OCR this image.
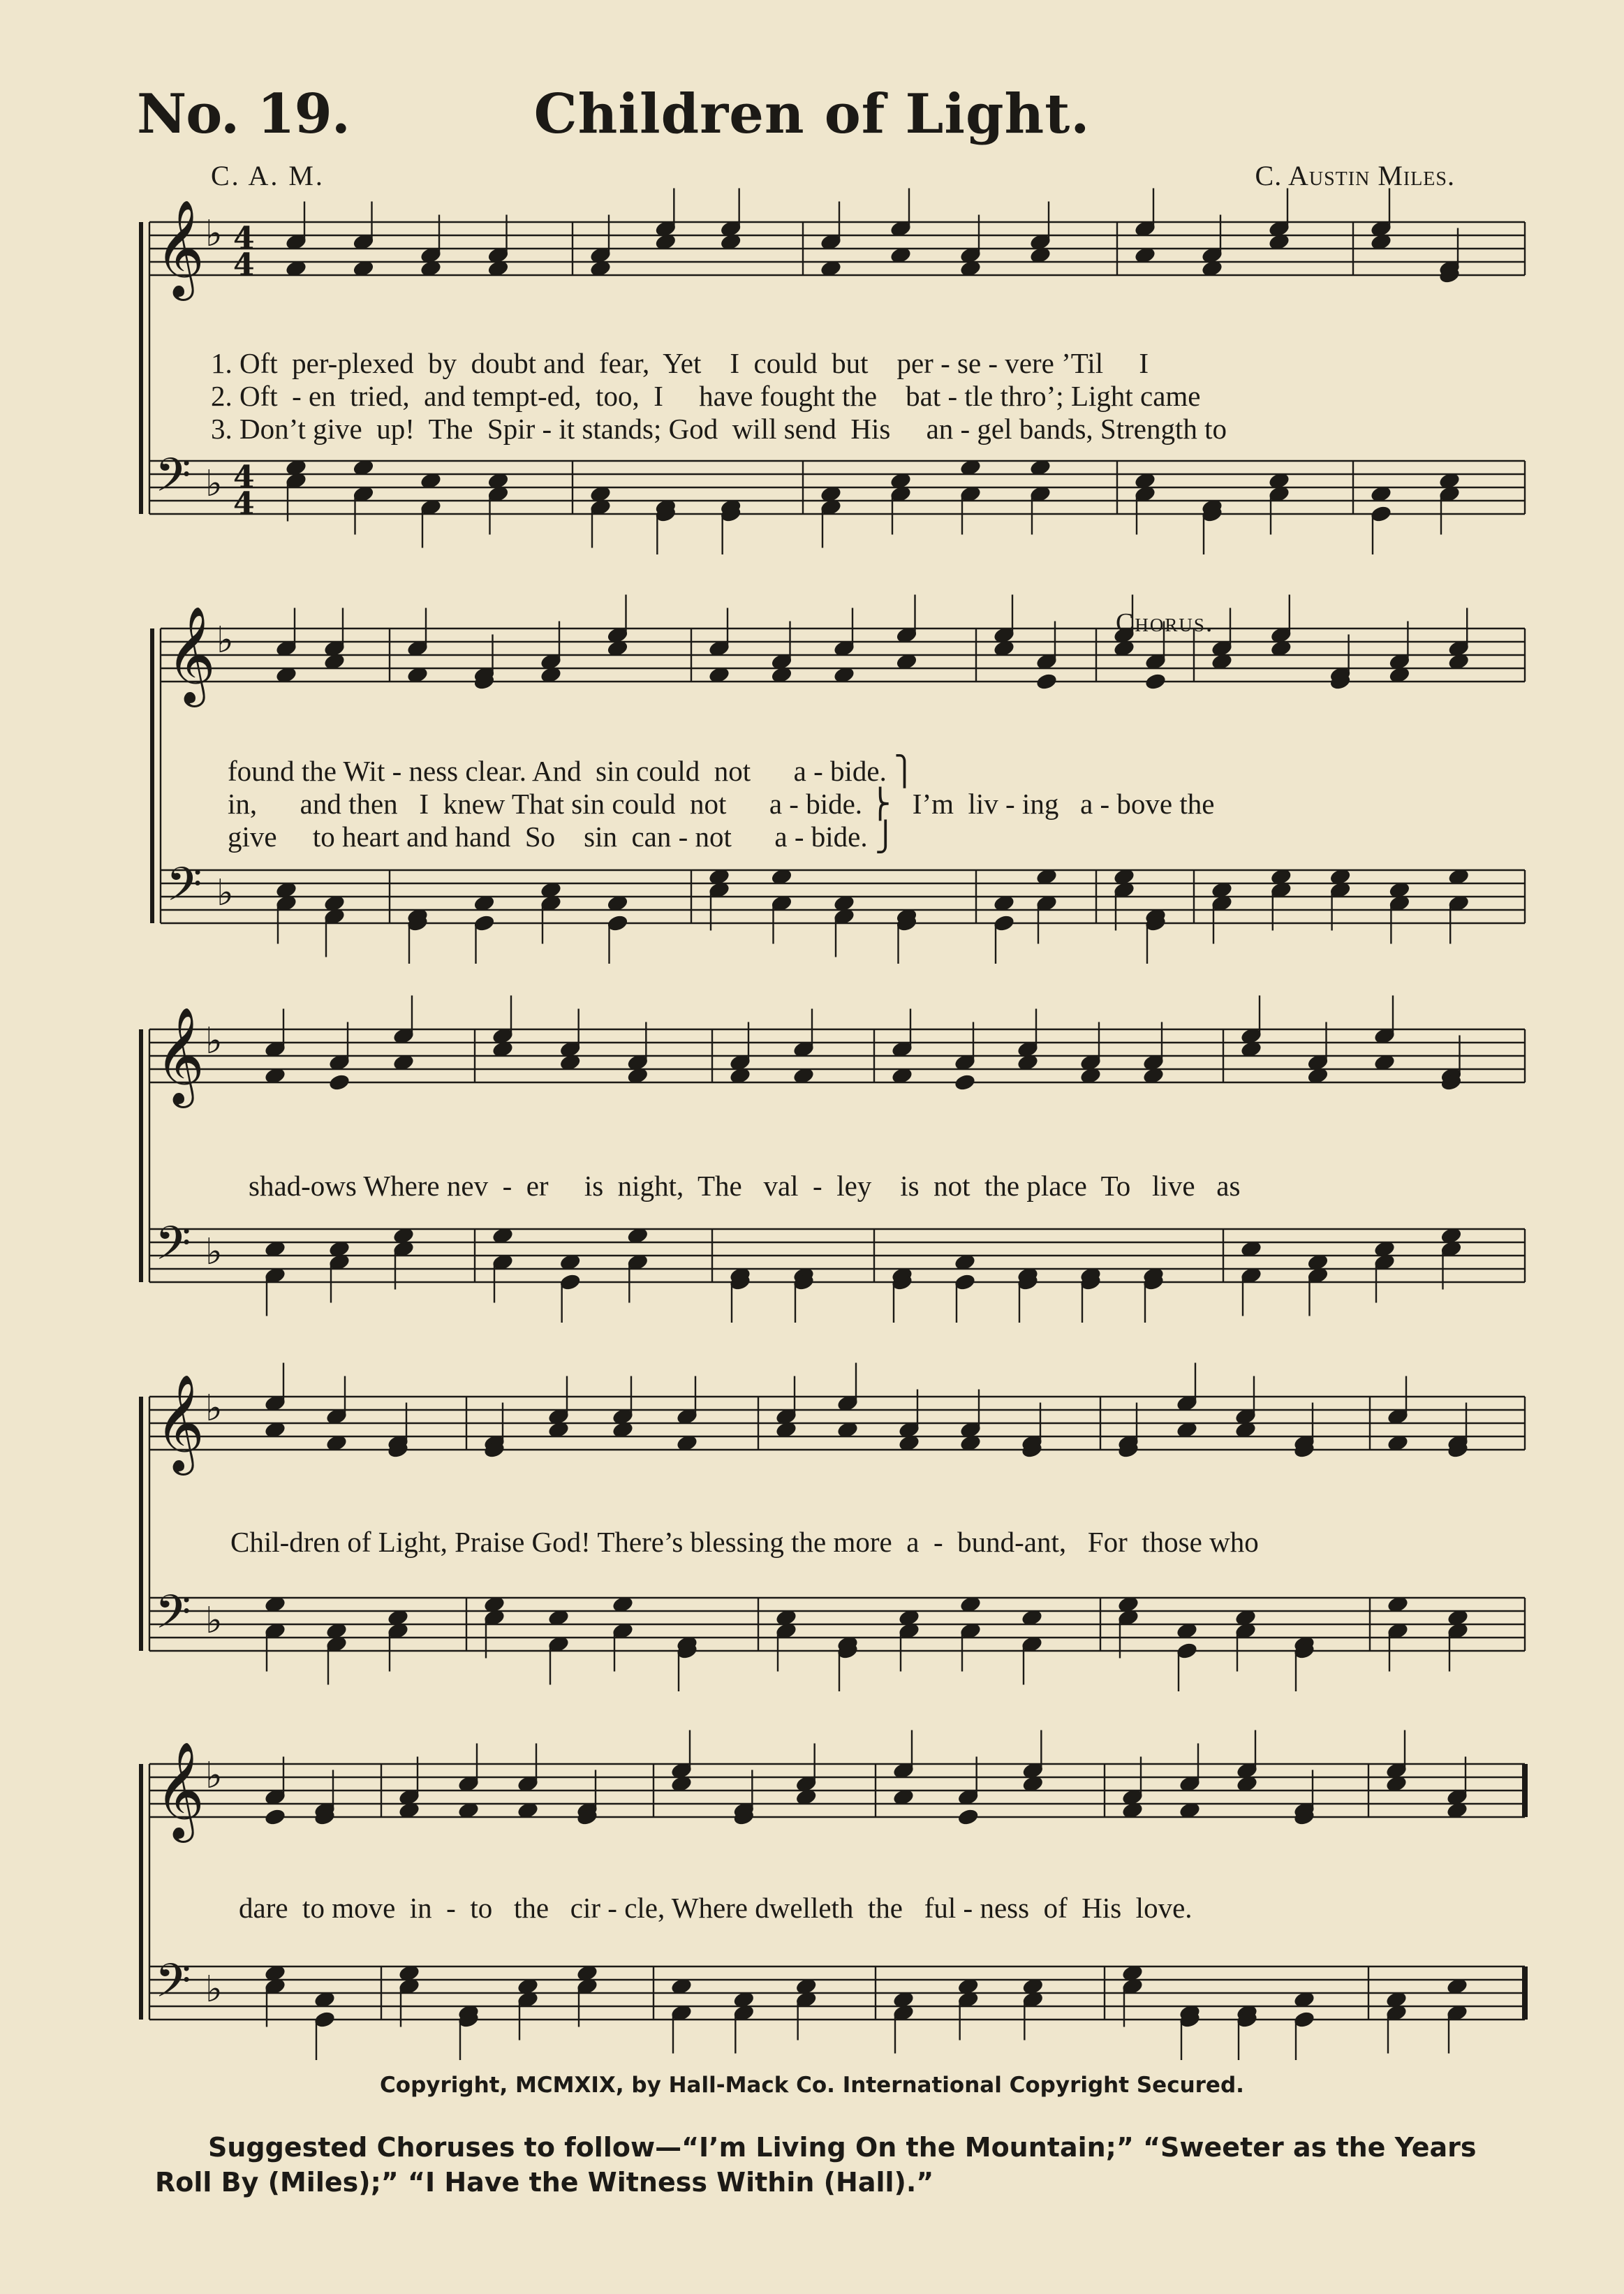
No. 19.	Children of Light.
C. A. M.	C. Austin Miles.
𝄞 ♭ 4
4
𝄢 ♭ 4
4
𝄞 ♭
𝄢 ♭
𝄞 ♭
𝄢 ♭
𝄞 ♭
𝄢 ♭
𝄞 ♭
𝄢 ♭
1. Oft  per-plexed  by  doubt and  fear,  Yet    I  could  but    per - se - vere ’Til     I
2. Oft  - en  tried,  and tempt-ed,  too,  I     have fought the    bat - tle thro’; Light came
3. Don’t give  up!  The  Spir - it stands; God  will send  His     an - gel bands, Strength to
Chorus.
found the Wit - ness clear. And  sin could  not      a - bide. ⎫
in,      and then   I  knew That sin could  not      a - bide. ⎬   I’m  liv - ing   a - bove the
give     to heart and hand  So    sin  can - not      a - bide. ⎭
shad-ows Where nev  -  er     is  night,  The   val  -  ley    is  not  the place  To   live   as
Chil-dren of Light, Praise God! There’s blessing the more  a  -  bund-ant,   For  those who
dare  to move  in  -  to   the   cir - cle, Where dwelleth  the   ful - ness  of  His  love.
Copyright, MCMXIX, by Hall-Mack Co. International Copyright Secured.
Suggested Choruses to follow—“I’m Living On the Mountain;” “Sweeter as the Years Roll By (Miles);” “I Have the Witness Within (Hall).”
